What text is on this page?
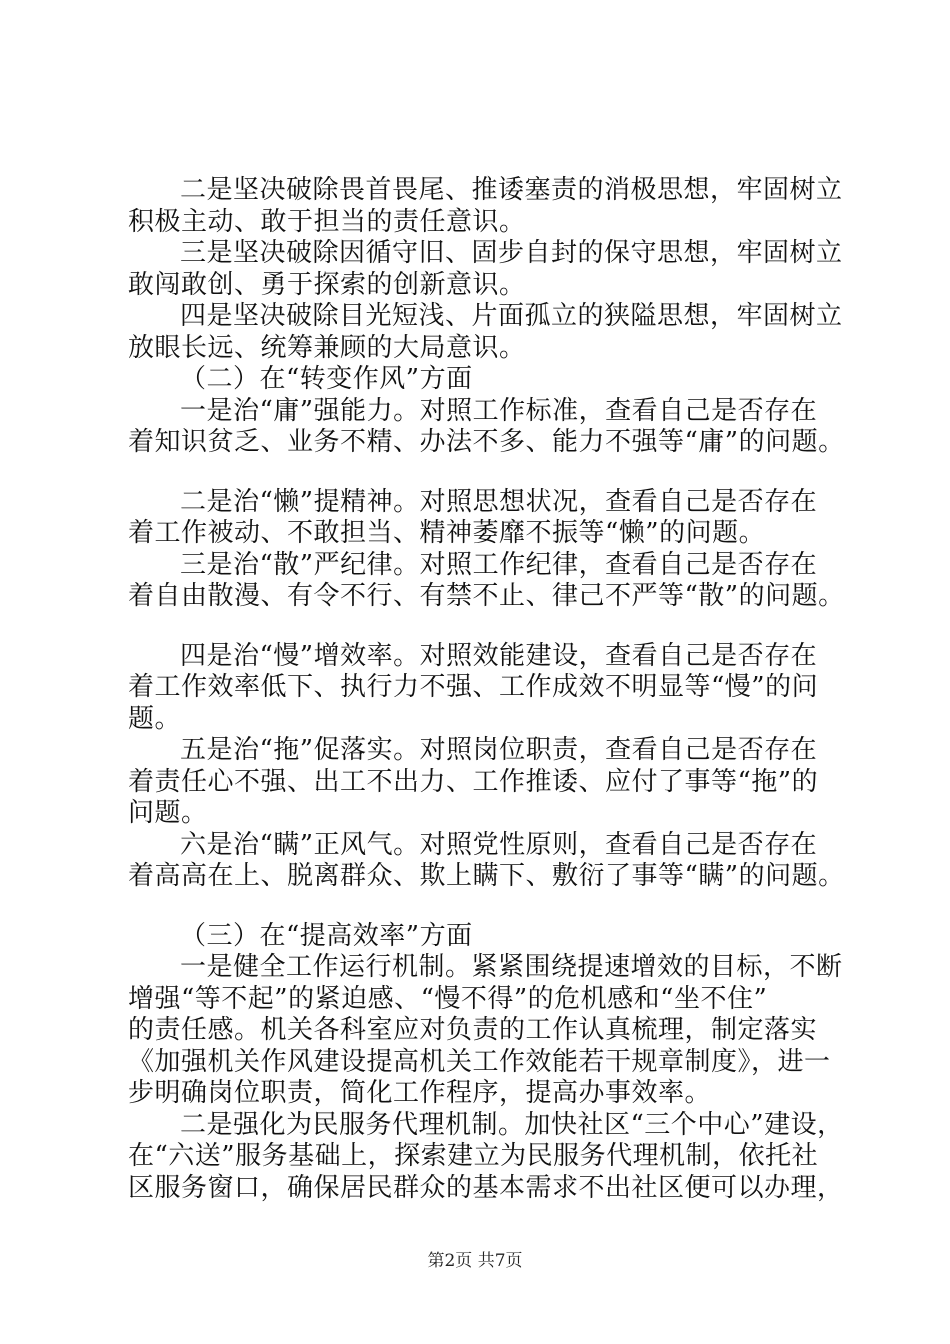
二是坚决破除畏首畏尾、推诿塞责的消极思想，牢固树立
积极主动、敢于担当的责任意识。
三是坚决破除因循守旧、固步自封的保守思想，牢固树立
敢闯敢创、勇于探索的创新意识。
四是坚决破除目光短浅、片面孤立的狭隘思想，牢固树立
放眼长远、统筹兼顾的大局意识。
（二）在“转变作风”方面
一是治“庸”强能力。对照工作标准，查看自己是否存在
着知识贫乏、业务不精、办法不多、能力不强等“庸”的问题。
二是治“懒”提精神。对照思想状况，查看自己是否存在
着工作被动、不敢担当、精神萎靡不振等“懒”的问题。
三是治“散”严纪律。对照工作纪律，查看自己是否存在
着自由散漫、有令不行、有禁不止、律己不严等“散”的问题。
四是治“慢”增效率。对照效能建设，查看自己是否存在
着工作效率低下、执行力不强、工作成效不明显等“慢”的问
题。
五是治“拖”促落实。对照岗位职责，查看自己是否存在
着责任心不强、出工不出力、工作推诿、应付了事等“拖”的
问题。
六是治“瞒”正风气。对照党性原则，查看自己是否存在
着高高在上、脱离群众、欺上瞒下、敷衍了事等“瞒”的问题。
（三）在“提高效率”方面
一是健全工作运行机制。紧紧围绕提速增效的目标，不断
增强“等不起”的紧迫感、“慢不得”的危机感和“坐不住”
的责任感。机关各科室应对负责的工作认真梳理，制定落实
《加强机关作风建设提高机关工作效能若干规章制度》，进一
步明确岗位职责，简化工作程序，提高办事效率。
二是强化为民服务代理机制。加快社区“三个中心”建设，
在“六送”服务基础上，探索建立为民服务代理机制，依托社
区服务窗口，确保居民群众的基本需求不出社区便可以办理，
第2页 共7页
